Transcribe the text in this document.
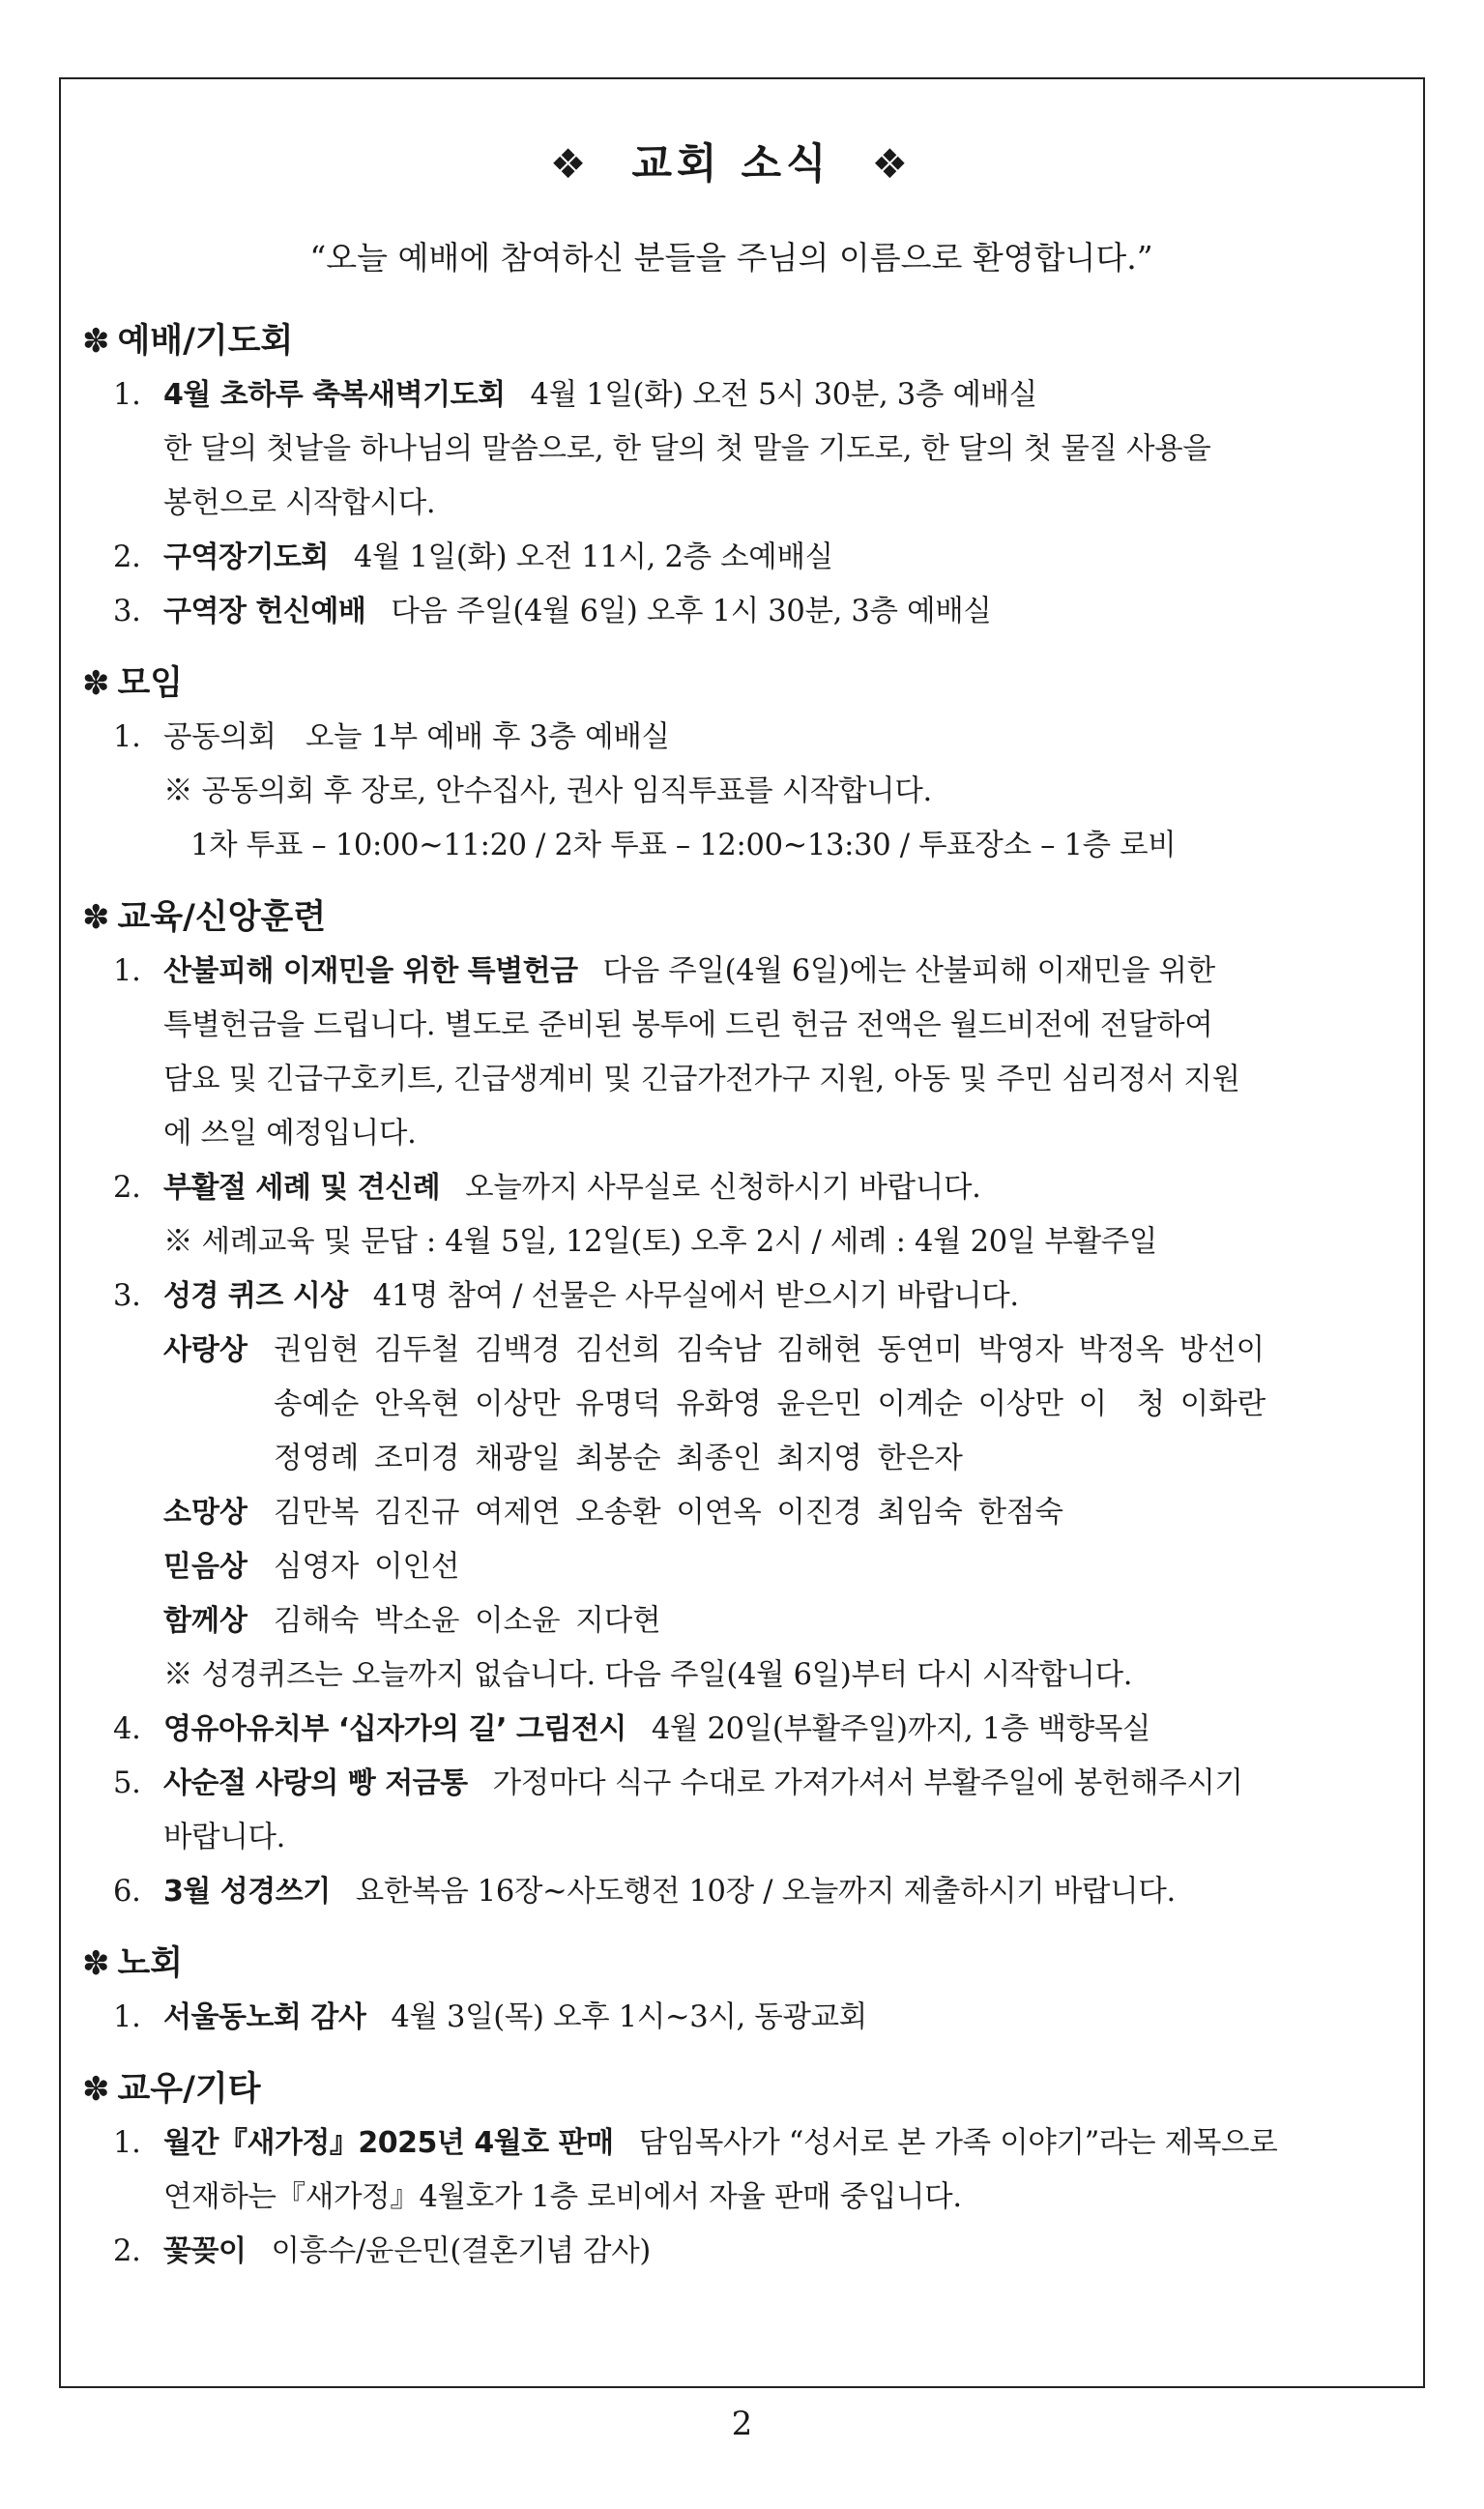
❖ 교회 소식 ❖
“오늘 예배에 참여하신 분들을 주님의 이름으로 환영합니다.”
✽ 예배/기도회
1. 4월 초하루 축복새벽기도회 4월 1일(화) 오전 5시 30분, 3층 예배실
한 달의 첫날을 하나님의 말씀으로, 한 달의 첫 말을 기도로, 한 달의 첫 물질 사용을
봉헌으로 시작합시다.
2. 구역장기도회 4월 1일(화) 오전 11시, 2층 소예배실
3. 구역장 헌신예배 다음 주일(4월 6일) 오후 1시 30분, 3층 예배실
✽ 모임
1. 공동의회　오늘 1부 예배 후 3층 예배실
※ 공동의회 후 장로, 안수집사, 권사 임직투표를 시작합니다.
1차 투표 – 10:00~11:20 / 2차 투표 – 12:00~13:30 / 투표장소 – 1층 로비
✽ 교육/신앙훈련
1. 산불피해 이재민을 위한 특별헌금 다음 주일(4월 6일)에는 산불피해 이재민을 위한
특별헌금을 드립니다. 별도로 준비된 봉투에 드린 헌금 전액은 월드비전에 전달하여
담요 및 긴급구호키트, 긴급생계비 및 긴급가전가구 지원, 아동 및 주민 심리정서 지원
에 쓰일 예정입니다.
2. 부활절 세례 및 견신례 오늘까지 사무실로 신청하시기 바랍니다.
※ 세례교육 및 문답 : 4월 5일, 12일(토) 오후 2시 / 세례 : 4월 20일 부활주일
3. 성경 퀴즈 시상 41명 참여 / 선물은 사무실에서 받으시기 바랍니다.
사랑상 권임현 김두철 김백경 김선희 김숙남 김해현 동연미 박영자 박정옥 방선이
송예순 안옥현 이상만 유명덕 유화영 윤은민 이계순 이상만 이　청 이화란
정영례 조미경 채광일 최봉순 최종인 최지영 한은자
소망상 김만복 김진규 여제연 오송환 이연옥 이진경 최임숙 한점숙
믿음상 심영자 이인선
함께상 김해숙 박소윤 이소윤 지다현
※ 성경퀴즈는 오늘까지 없습니다. 다음 주일(4월 6일)부터 다시 시작합니다.
4. 영유아유치부 ‘십자가의 길’ 그림전시 4월 20일(부활주일)까지, 1층 백향목실
5. 사순절 사랑의 빵 저금통 가정마다 식구 수대로 가져가셔서 부활주일에 봉헌해주시기
바랍니다.
6. 3월 성경쓰기 요한복음 16장~사도행전 10장 / 오늘까지 제출하시기 바랍니다.
✽ 노회
1. 서울동노회 감사 4월 3일(목) 오후 1시~3시, 동광교회
✽ 교우/기타
1. 월간『새가정』2025년 4월호 판매 담임목사가 “성서로 본 가족 이야기”라는 제목으로
연재하는『새가정』4월호가 1층 로비에서 자율 판매 중입니다.
2. 꽃꽂이 이흥수/윤은민(결혼기념 감사)
2
